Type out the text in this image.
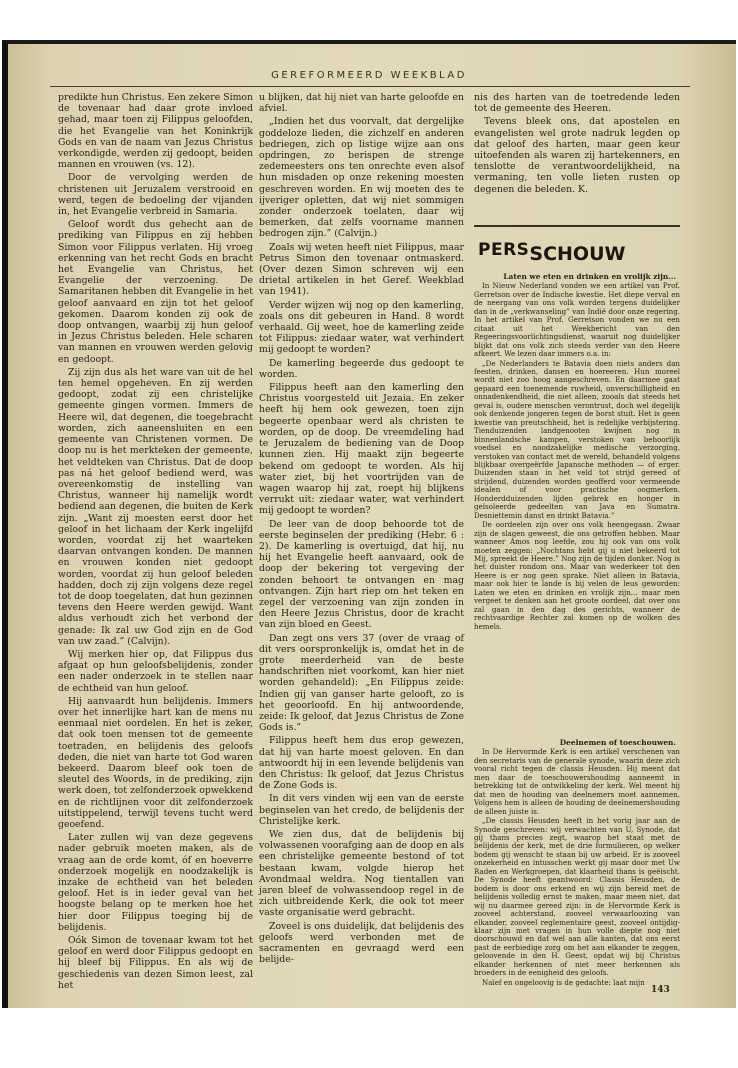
GEREFORMEERD WEEKBLAD

predikte hun Christus. Een zekere Simon de tovenaar had daar grote invloed gehad, maar toen zij Filippus geloofden, die het Evangelie van het Koninkrijk Gods en van de naam van Jezus Christus verkondigde, werden zij gedoopt, beiden mannen en vrouwen (vs. 12).

Door de vervolging werden de christenen uit Jeruzalem verstrooid en werd, tegen de bedoeling der vijanden in, het Evangelie verbreid in Samaria.

Geloof wordt dus gehecht aan de prediking van Filippus en zij hebben Simon voor Filippus verlaten. Hij vroeg erkenning van het recht Gods en bracht het Evangelie van Christus, het Evangelie der verzoening. De Samaritanen hebben dit Evangelie in het geloof aanvaard en zijn tot het geloof gekomen. Daarom konden zij ook de doop ontvangen, waarbij zij hun geloof in Jezus Christus beleden. Hele scharen van mannen en vrouwen werden gelovig en gedoopt.

Zij zijn dus als het ware van uit de hel ten hemel opgeheven. En zij werden gedoopt, zodat zij een christelijke gemeente gingen vormen. Immers de Heere wil, dat degenen, die toegebracht worden, zich aaneensluiten en een gemeente van Christenen vormen. De doop nu is het merkteken der gemeente, het veldteken van Christus. Dat de doop pas ná het geloof bediend werd, was overeenkomstig de instelling van Christus, wanneer hij namelijk wordt bediend aan degenen, die buiten de Kerk zijn. „Want zij moesten eerst door het geloof in het lichaam der Kerk ingelijfd worden, voordat zij het waarteken daarvan ontvangen konden. De mannen en vrouwen konden niet gedoopt worden, voordat zij hun geloof beleden hadden, doch zij zijn volgens deze regel tot de doop toegelaten, dat hun gezinnen tevens den Heere werden gewijd. Want aldus verhoudt zich het verbond der genade: Ik zal uw God zijn en de God van uw zaad.” (Calvijn).

Wij merken hier op, dat Filippus dus afgaat op hun geloofsbelijdenis, zonder een nader onderzoek in te stellen naar de echtheid van hun geloof.

Hij aanvaardt hun belijdenis. Immers over het innerlijke hart kan de mens nu eenmaal niet oordelen. En het is zeker, dat ook toen mensen tot de gemeente toetraden, en belijdenis des geloofs deden, die niet van harte tot God waren bekeerd. Daarom bleef ook toen de sleutel des Woords, in de prediking, zijn werk doen, tot zelfonderzoek opwekkend en de richtlijnen voor dit zelfonderzoek uitstippelend, terwijl tevens tucht werd geoefend.

Later zullen wij van deze gegevens nader gebruik moeten maken, als de vraag aan de orde komt, óf en hoeverre onderzoek mogelijk en noodzakelijk is inzake de echtheid van het beleden geloof. Het is in ieder geval van het hoogste belang op te merken hoe het hier door Filippus toeging bij de belijdenis.

Oók Simon de tovenaar kwam tot het geloof en werd door Filippus gedoopt en hij bleef bij Filippus. En als wij de geschiedenis van dezen Simon leest, zal het

u blijken, dat hij niet van harte geloofde en afviel.

„Indien het dus voorvalt, dat dergelijke goddeloze lieden, die zichzelf en anderen bedriegen, zich op listige wijze aan ons opdringen, zo berispen de strenge zedemeesters ons ten onrechte even alsof hun misdaden op onze rekening moesten geschreven worden. En wij moeten des te ijveriger opletten, dat wij niet sommigen zonder onderzoek toelaten, daar wij bemerken, dat zelfs voorname mannen bedrogen zijn.” (Calvijn.)

Zoals wij weten heeft niet Filippus, maar Petrus Simon den tovenaar ontmaskerd. (Over dezen Simon schreven wij een drietal artikelen in het Geref. Weekblad van 1941).

Verder wijzen wij nog op den kamerling, zoals ons dit gebeuren in Hand. 8 wordt verhaald. Gij weet, hoe de kamerling zeide tot Filippus: ziedaar water, wat verhindert mij gedoopt te worden?

De kamerling begeerde dus gedoopt te worden.

Filippus heeft aan den kamerling den Christus voorgesteld uit Jezaia. En zeker heeft hij hem ook gewezen, toen zijn begeerte openbaar werd als christen te worden, op de doop. De vreemdeling had te Jeruzalem de bediening van de Doop kunnen zien. Hij maakt zijn begeerte bekend om gedoopt te worden. Als hij water ziet, bij het voortrijden van de wagen waarop hij zat, roept hij blijkens verrukt uit: ziedaar water, wat verhindert mij gedoopt te worden?

De leer van de doop behoorde tot de eerste beginselen der prediking (Hebr. 6 : 2). De kamerling is overtuigd, dat hij, nu hij het Evangelie heeft aanvaard, ook de doop der bekering tot vergeving der zonden behoort te ontvangen en mag ontvangen. Zijn hart riep om het teken en zegel der verzoening van zijn zonden in den Heere Jezus Christus, door de kracht van zijn bloed en Geest.

Dan zegt ons vers 37 (over de vraag of dit vers oorspronkelijk is, omdat het in de grote meerderheid van de beste handschriften niet voorkomt, kan hier niet worden gehandeld): „En Filippus zeide: Indien gij van ganser harte gelooft, zo is het geoorloofd. En hij antwoordende, zeide: Ik geloof, dat Jezus Christus de Zone Gods is.”

Filippus heeft hem dus erop gewezen, dat hij van harte moest geloven. En dan antwoordt hij in een levende belijdenis van den Christus: Ik geloof, dat Jezus Christus de Zone Gods is.

In dit vers vinden wij een van de eerste beginselen van het credo, de belijdenis der Christelijke kerk.

We zien dus, dat de belijdenis bij volwassenen voorafging aan de doop en als een christelijke gemeente bestond of tot bestaan kwam, volgde hierop het Avondmaal weldra. Nog tientallen van jaren bleef de volwassendoop regel in de zich uitbreidende Kerk, die ook tot meer vaste organisatie werd gebracht.

Zoveel is ons duidelijk, dat belijdenis des geloofs werd verbonden met de sacramenten en gevraagd werd een belijde-

nis des harten van de toetredende leden tot de gemeente des Heeren.

Tevens bleek ons, dat apostelen en evangelisten wel grote nadruk legden op dat geloof des harten, maar geen keur uitoefenden als waren zij hartekenners, en tenslotte de verantwoordelijkheid, na vermaning, ten volle lieten rusten op degenen die beleden. K.

PERSSCHOUW
Laten we eten en drinken en vrolijk zijn...

In Nieuw Nederland vonden we een artikel van Prof. Gerretson over de Indische kwestie. Het diepe verval en de neergang van ons volk worden tergens duidelijker dan in de „verkwanseling” van Indië door onze regering. In het artikel van Prof. Gerretson vonden we nu een citaat uit het Weekbericht van den Regeeringsvoorlichtingsdienst, waaruit nog duidelijker blijkt dat ons volk zich steeds verder van den Heere afkeert. We lezen daar immers o.a. in:

„De Nederlanders te Batavia doen niets anders dan feesten, drinken, dansen en hoereeren. Hun moreel wordt niet zoo hoog aangeschreven. En daarmee gaat gepaard een toenemende ruwheid, onverschilligheid en onnadenkendheid, die niet alleen, zooals dat steeds het geval is, oudere menschen verontrust, doch wel degelijk ook denkende jongeren tegen de borst stuit. Het is geen kwestie van preutschheid, het is redelijke verbijstering. Tienduizenden landgenooten kwijnen nog in binnenlandsche kampen, verstoken van behoorlijk voedsel en noodzakelijke medische verzorging, verstoken van contact met de wereld, behandeld volgens blijkbaar overgeërfde Japansche methoden — of erger. Duizenden staan in het veld tot strijd gereed of strijdend, duizenden worden geofferd voor vermeende idealen of voor practische oogmerken. Honderdduizenden lijden gebrek en honger in geïsoleerde gedeelten van Java en Sumatra. Desniettemin danst en drinkt Batavia.”

De oordeelen zijn over ons volk heengegaan. Zwaar zijn de slagen geweest, die ons getroffen hebben. Maar wanneer Amos nog leefde, zou hij ook van ons volk moeten zeggen: „Nochtans hebt gij u niet bekeerd tot Mij, spreekt de Heere.” Nog zijn de tijden donker. Nog is het duister rondom ons. Maar van wederkeer tot den Heere is er nog geen sprake. Niet alleen in Batavia, maar ook hier te lande is bij velen de leus geworden: Laten we eten en drinken en vrolijk zijn... maar men vergeet te denken aan het groote oordeel, dat over ons zal gaan in den dag des gerichts, wanneer de rechtvaardige Rechter zal komen op de wolken des hemels.

Deelnemen of toeschouwen.

In De Hervormde Kerk is een artikel verschenen van den secretaris van de generale synode, waarin deze zich vooral richt tegen de classis Heusden. Hij meent dat men daar de toeschouwershouding aanneemt in betrekking tot de ontwikkeling der kerk. Wel meent hij dat men de houding van deelnemers moet aannemen. Volgens hem is alleen de houding de deelnemershouding de alleen juiste is.

„De classis Heusden heeft in het vorig jaar aan de Synode geschreven: wij verwachten van U, Synode, dat gij thans precies zegt, waarop het staat met de belijdenis der kerk, met de drie formulieren, op welker bodem gij wenscht te staan bij uw arbeid. Er is zooveel onzekerheid en intusschen werkt gij maar door met Uw Raden en Werkgroepen, dat klaarheid thans is geëischt. De Synode heeft geantwoord: Classis Heusden, de bodem is door ons erkend en wij zijn bereid met de belijdenis volledig ernst te maken, maar meen niet, dat wij nu daarmee gereed zijn: in de Hervormde Kerk is zooveel achterstand, zooveel verwaarloozing van elkander, zooveel reglementaire geest, zooveel ontijdig-klaar zijn met vragen in hun volle diepte nog niet doorschouwd en dat wel aan alle kanten, dat ons eerst past de eerbiedige zorg om het aan elkander te zeggen, geloovende in den H. Geest, opdat wij bij Christus elkander herkennen of niet meer herkennen als broeders in de eenigheid des geloofs.

Naïef en ongeloovig is de gedachte: laat mijn

143
